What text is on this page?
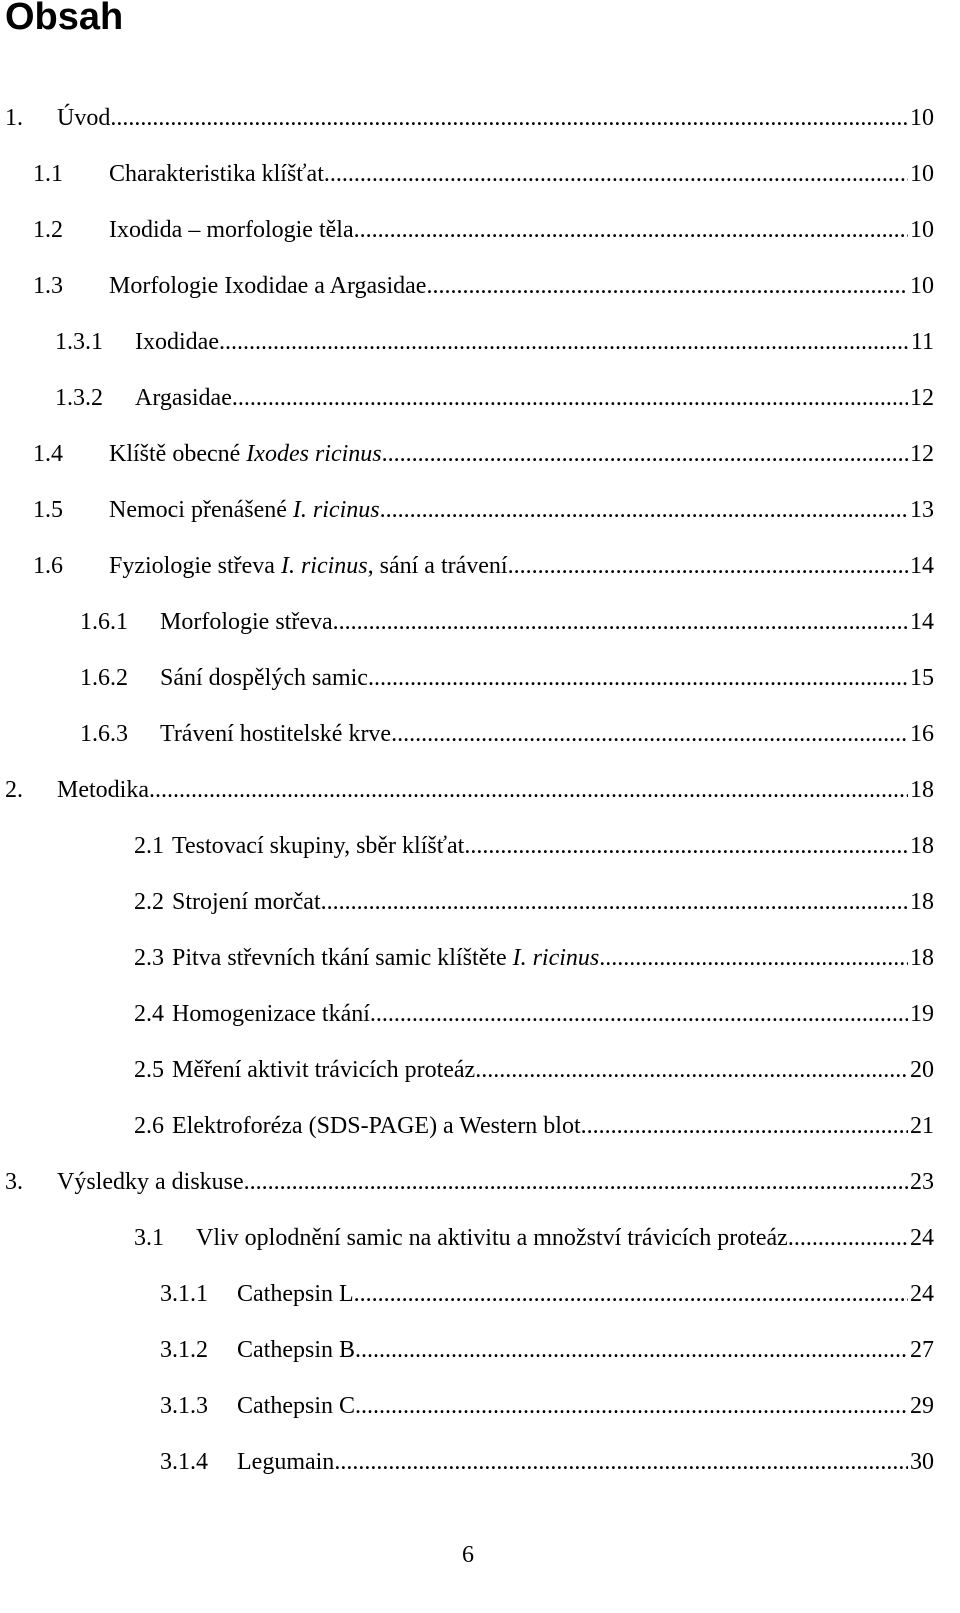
Obsah
1.	Úvod .....	10
1.1	Charakteristika klíšťat .....	10
1.2	Ixodida – morfologie těla .....	10
1.3	Morfologie Ixodidae a Argasidae .....	10
1.3.1	Ixodidae .....	11
1.3.2	Argasidae .....	12
1.4	Klíště obecné Ixodes ricinus .....	12
1.5	Nemoci přenášené I. ricinus .....	13
1.6	Fyziologie střeva I. ricinus, sání a trávení .....	14
1.6.1	Morfologie střeva .....	14
1.6.2	Sání dospělých samic .....	15
1.6.3	Trávení hostitelské krve .....	16
2.	Metodika .....	18
2.1 Testovací skupiny, sběr klíšťat .....	18
2.2 Strojení morčat .....	18
2.3 Pitva střevních tkání samic klíštěte I. ricinus .....	18
2.4 Homogenizace tkání .....	19
2.5 Měření aktivit trávicích proteáz .....	20
2.6 Elektroforéza (SDS-PAGE) a Western blot .....	21
3.	Výsledky a diskuse .....	23
3.1	Vliv oplodnění samic na aktivitu a množství trávicích proteáz .....	24
3.1.1	Cathepsin L .....	24
3.1.2	Cathepsin B .....	27
3.1.3	Cathepsin C .....	29
3.1.4	Legumain .....	30
6
